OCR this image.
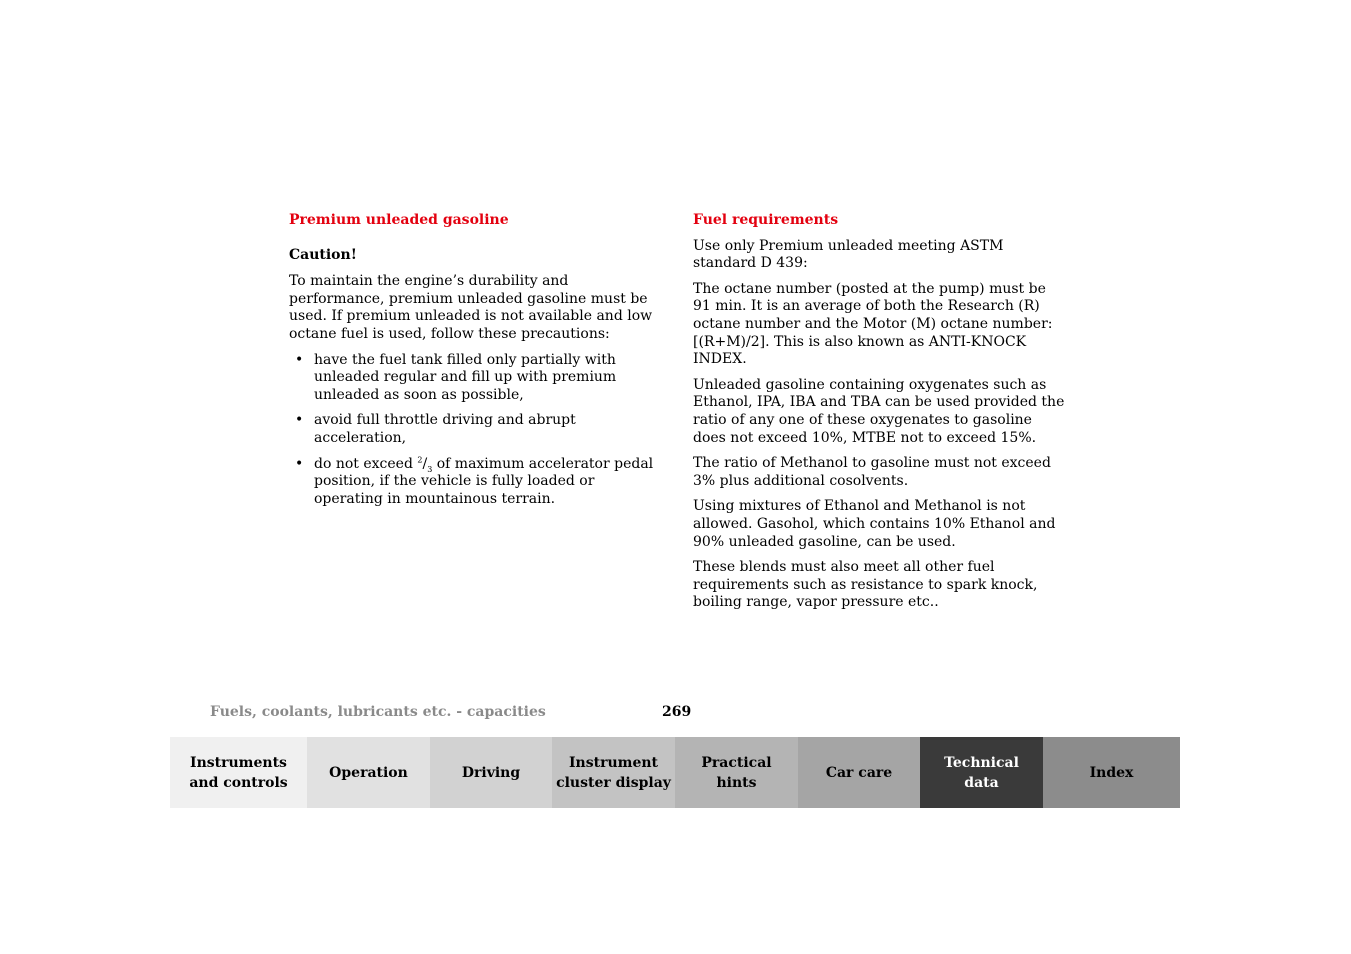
Premium unleaded gasoline
Caution!

To maintain the engine’s durability and performance, premium unleaded gasoline must be used. If premium unleaded is not available and low octane fuel is used, follow these precautions:

• have the fuel tank filled only partially with unleaded regular and fill up with premium unleaded as soon as possible,
• avoid full throttle driving and abrupt acceleration,
• do not exceed $^2/_3$ of maximum accelerator pedal position, if the vehicle is fully loaded or operating in mountainous terrain.
Fuel requirements

Use only Premium unleaded meeting ASTM standard D 439:

The octane number (posted at the pump) must be 91 min. It is an average of both the Research (R) octane number and the Motor (M) octane number: [(R+M)/2]. This is also known as ANTI-KNOCK INDEX.

Unleaded gasoline containing oxygenates such as Ethanol, IPA, IBA and TBA can be used provided the ratio of any one of these oxygenates to gasoline does not exceed 10%, MTBE not to exceed 15%.

The ratio of Methanol to gasoline must not exceed 3% plus additional cosolvents.

Using mixtures of Ethanol and Methanol is not allowed. Gasohol, which contains 10% Ethanol and 90% unleaded gasoline, can be used.

These blends must also meet all other fuel requirements such as resistance to spark knock, boiling range, vapor pressure etc..

Fuels, coolants, lubricants etc. - capacities	269
Instruments
and controls
Operation	Driving
Instrument
cluster display
Practical hints
Car care
Technical
data
Index
